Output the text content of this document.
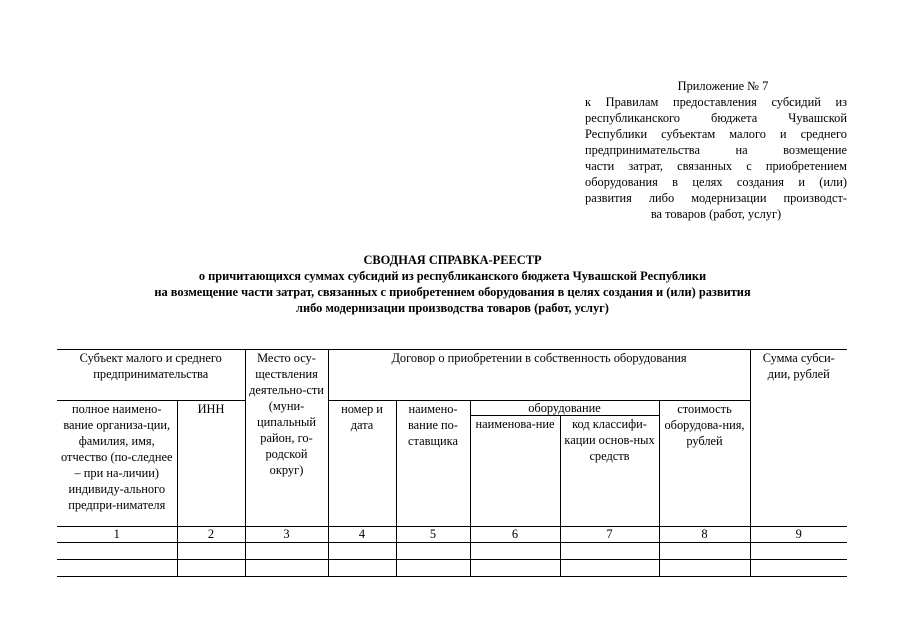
Приложение № 7
к Правилам предоставления субсидий из
республиканского бюджета Чувашской
Республики субъектам малого и среднего
предпринимательства на возмещение
части затрат, связанных с приобретением
оборудования в целях создания и (или)
развития либо модернизации производст-
ва товаров (работ, услуг)
СВОДНАЯ СПРАВКА-РЕЕСТР
о причитающихся суммах субсидий из республиканского бюджета Чувашской Республики
на возмещение части затрат, связанных с приобретением оборудования в целях создания и (или) развития
либо модернизации производства товаров (работ, услуг)
Субъект малого и среднего предпринимательства		Место осу-ществления деятельно-сти (муни-ципальный район, го-родской округ)	Договор о приобретении в собственность оборудования					Сумма субси-дии, рублей
полное наимено-вание организа-ции, фамилия, имя, отчество (по-следнее – при на-личии) индивиду-ального предпри-нимателя	ИНН		номер и дата	наимено-вание по-ставщика	оборудование		стоимость оборудова-ния, рублей	
					наименова-ние	код классифи-кации основ-ных средств		
1	2	3	4	5	6	7	8	9
